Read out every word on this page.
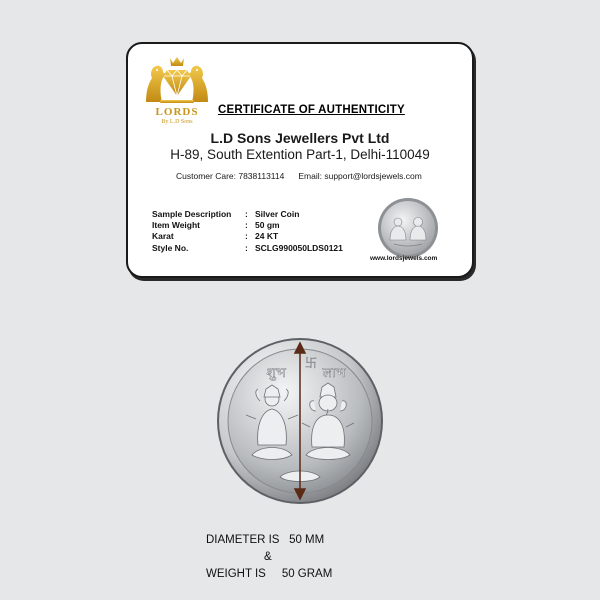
LORDS
By L.D Sons
CERTIFICATE OF AUTHENTICITY
L.D Sons Jewellers Pvt Ltd
H-89, South Extention Part-1, Delhi-110049
Customer Care: 7838113114 Email: support@lordsjewels.com
Sample Description : Silver Coin
Item Weight	: 50 gm
Karat	: 24 KT
Style No.	: SCLG990050LDS0121
www.lordsjewels.com
शुभ
卐
लाभ
DIAMETER IS   50 MM
&
WEIGHT IS     50 GRAM
